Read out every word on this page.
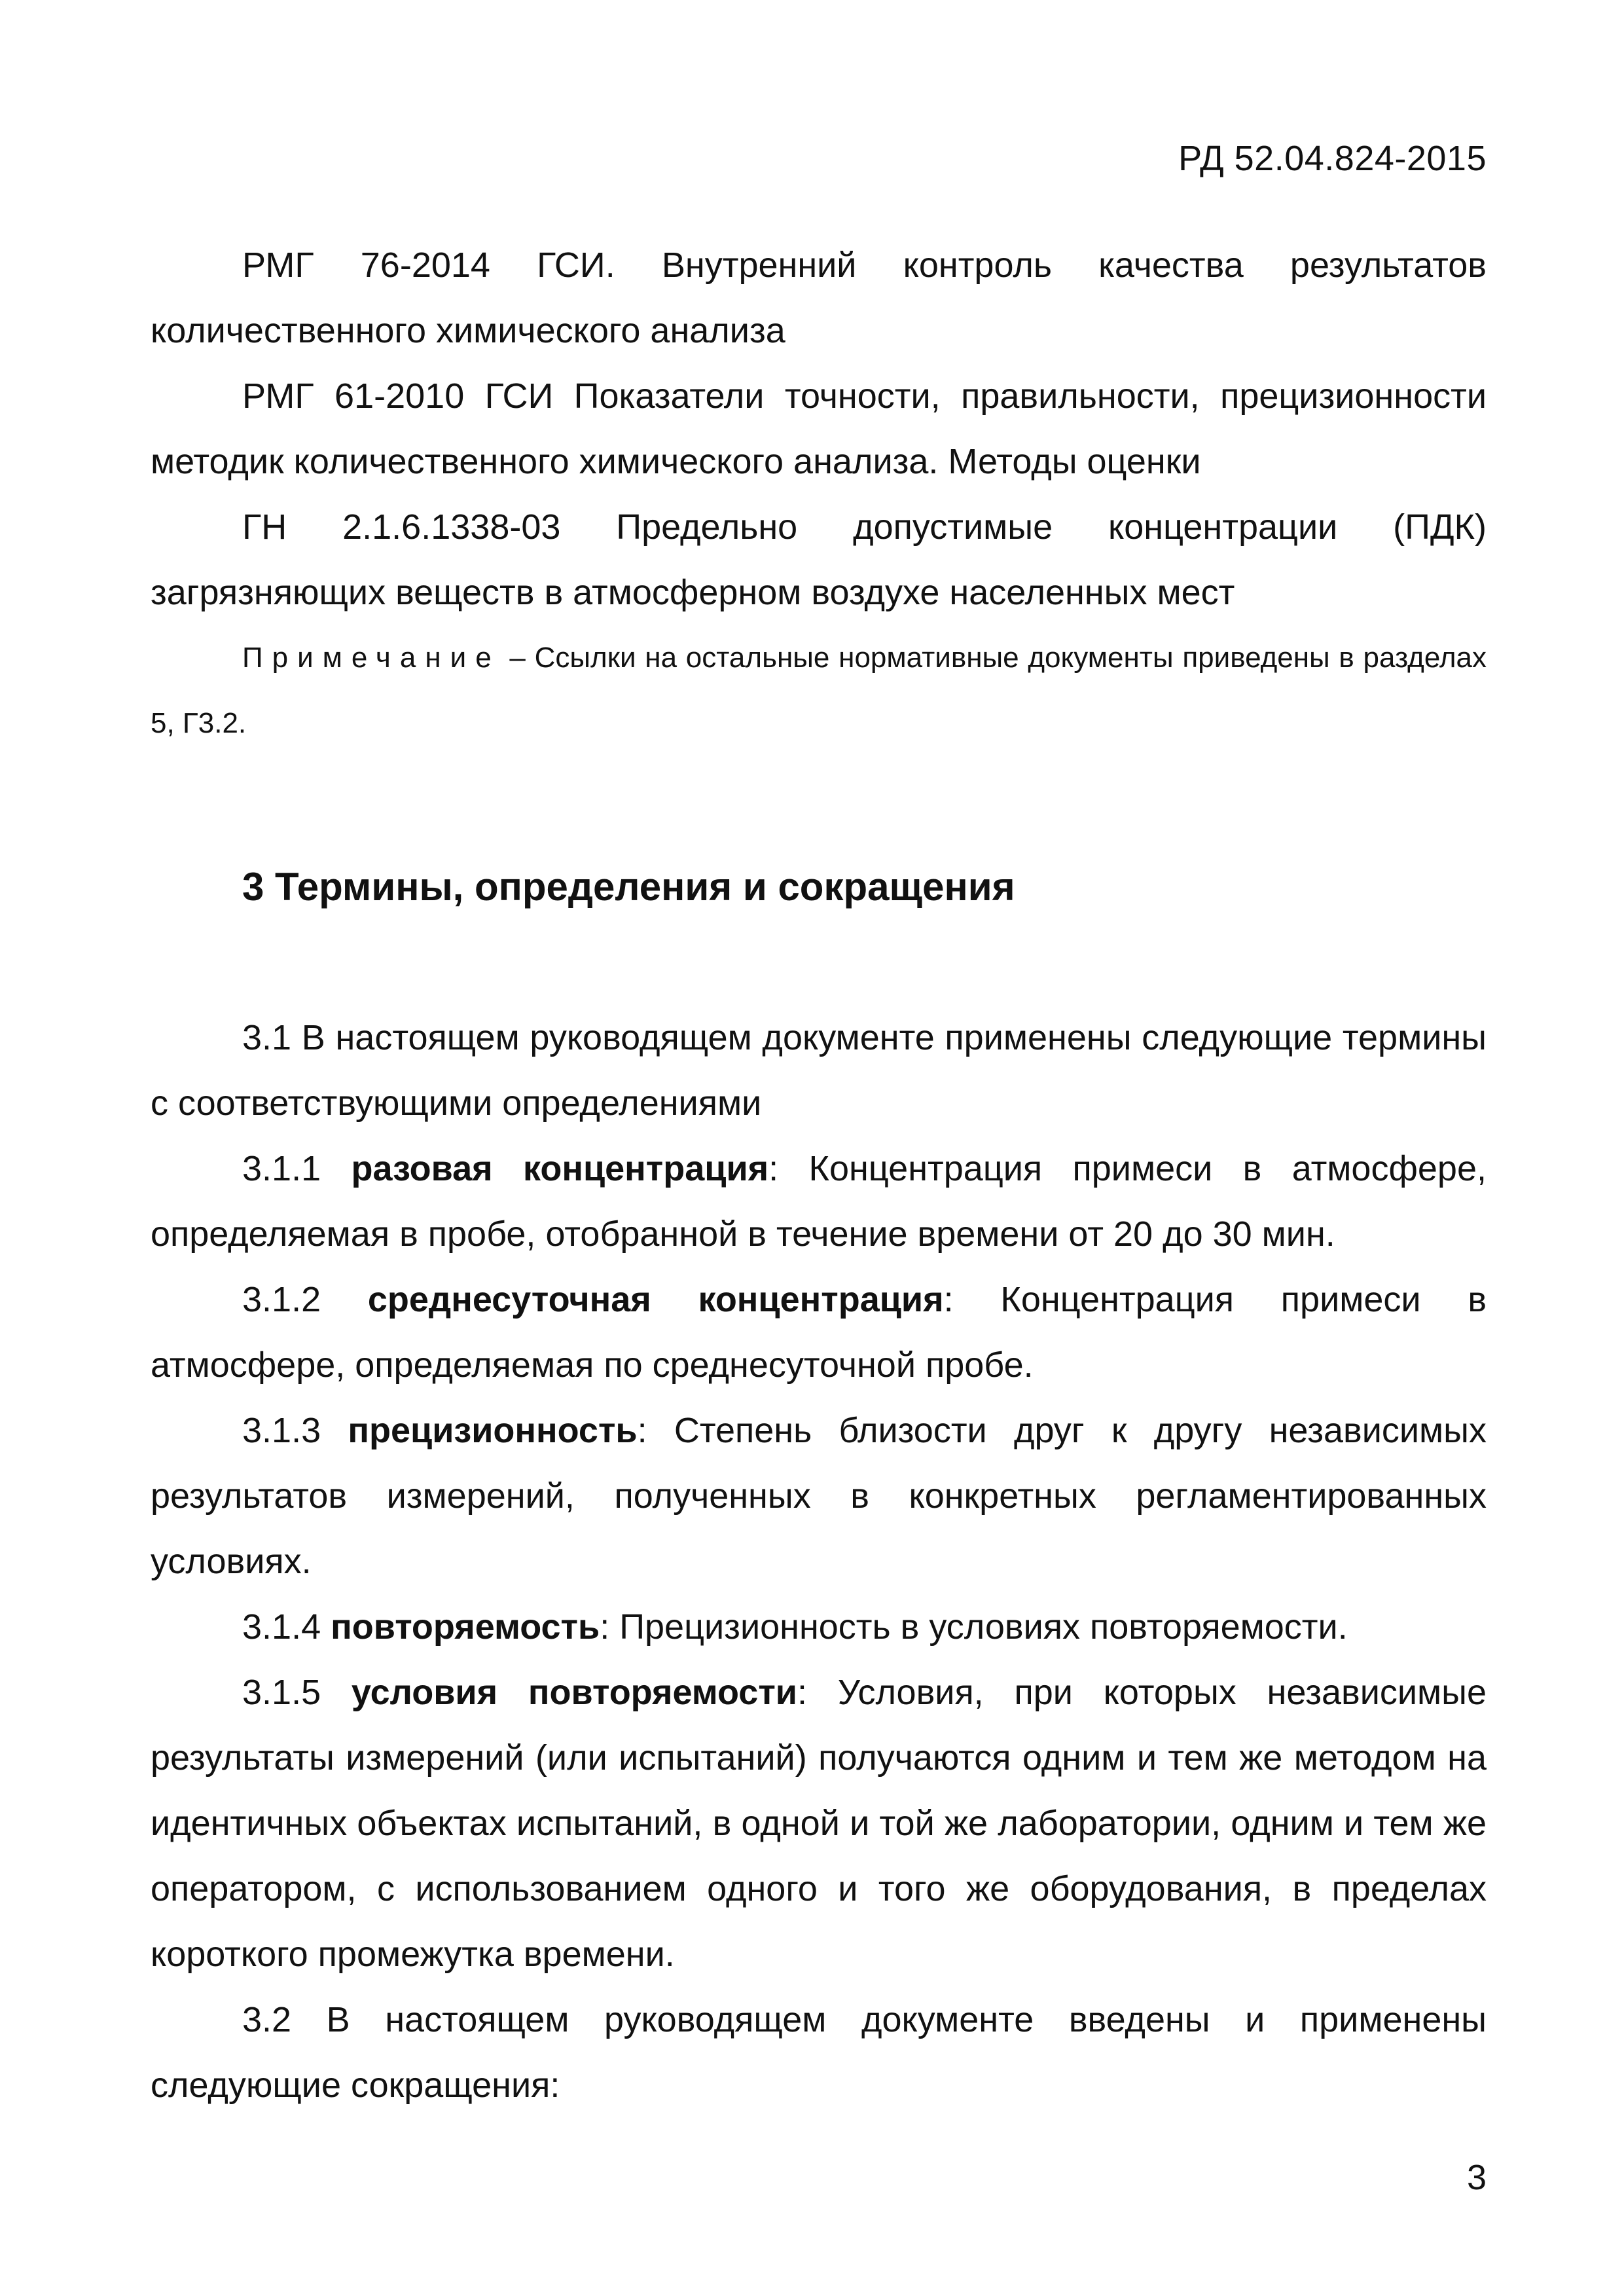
РД 52.04.824-2015

РМГ 76-2014 ГСИ. Внутренний контроль качества результатов количественного химического анализа

РМГ 61-2010 ГСИ Показатели точности, правильности, прецизионности методик количественного химического анализа. Методы оценки

ГН 2.1.6.1338-03 Предельно допустимые концентрации (ПДК) загрязняющих веществ в атмосферном воздухе населенных мест

Примечание – Ссылки на остальные нормативные документы приведены в разделах 5, Г3.2.

3 Термины, определения и сокращения

3.1 В настоящем руководящем документе применены следующие термины с соответствующими определениями

3.1.1 разовая концентрация: Концентрация примеси в атмосфере, определяемая в пробе, отобранной в течение времени от 20 до 30 мин.

3.1.2 среднесуточная концентрация: Концентрация примеси в атмосфере, определяемая по среднесуточной пробе.

3.1.3 прецизионность: Степень близости друг к другу независимых результатов измерений, полученных в конкретных регламентированных условиях.

3.1.4 повторяемость: Прецизионность в условиях повторяемости.

3.1.5 условия повторяемости: Условия, при которых независимые результаты измерений (или испытаний) получаются одним и тем же методом на идентичных объектах испытаний, в одной и той же лаборатории, одним и тем же оператором, с использованием одного и того же оборудования, в пределах короткого промежутка времени.

3.2 В настоящем руководящем документе введены и применены следующие сокращения:

3
